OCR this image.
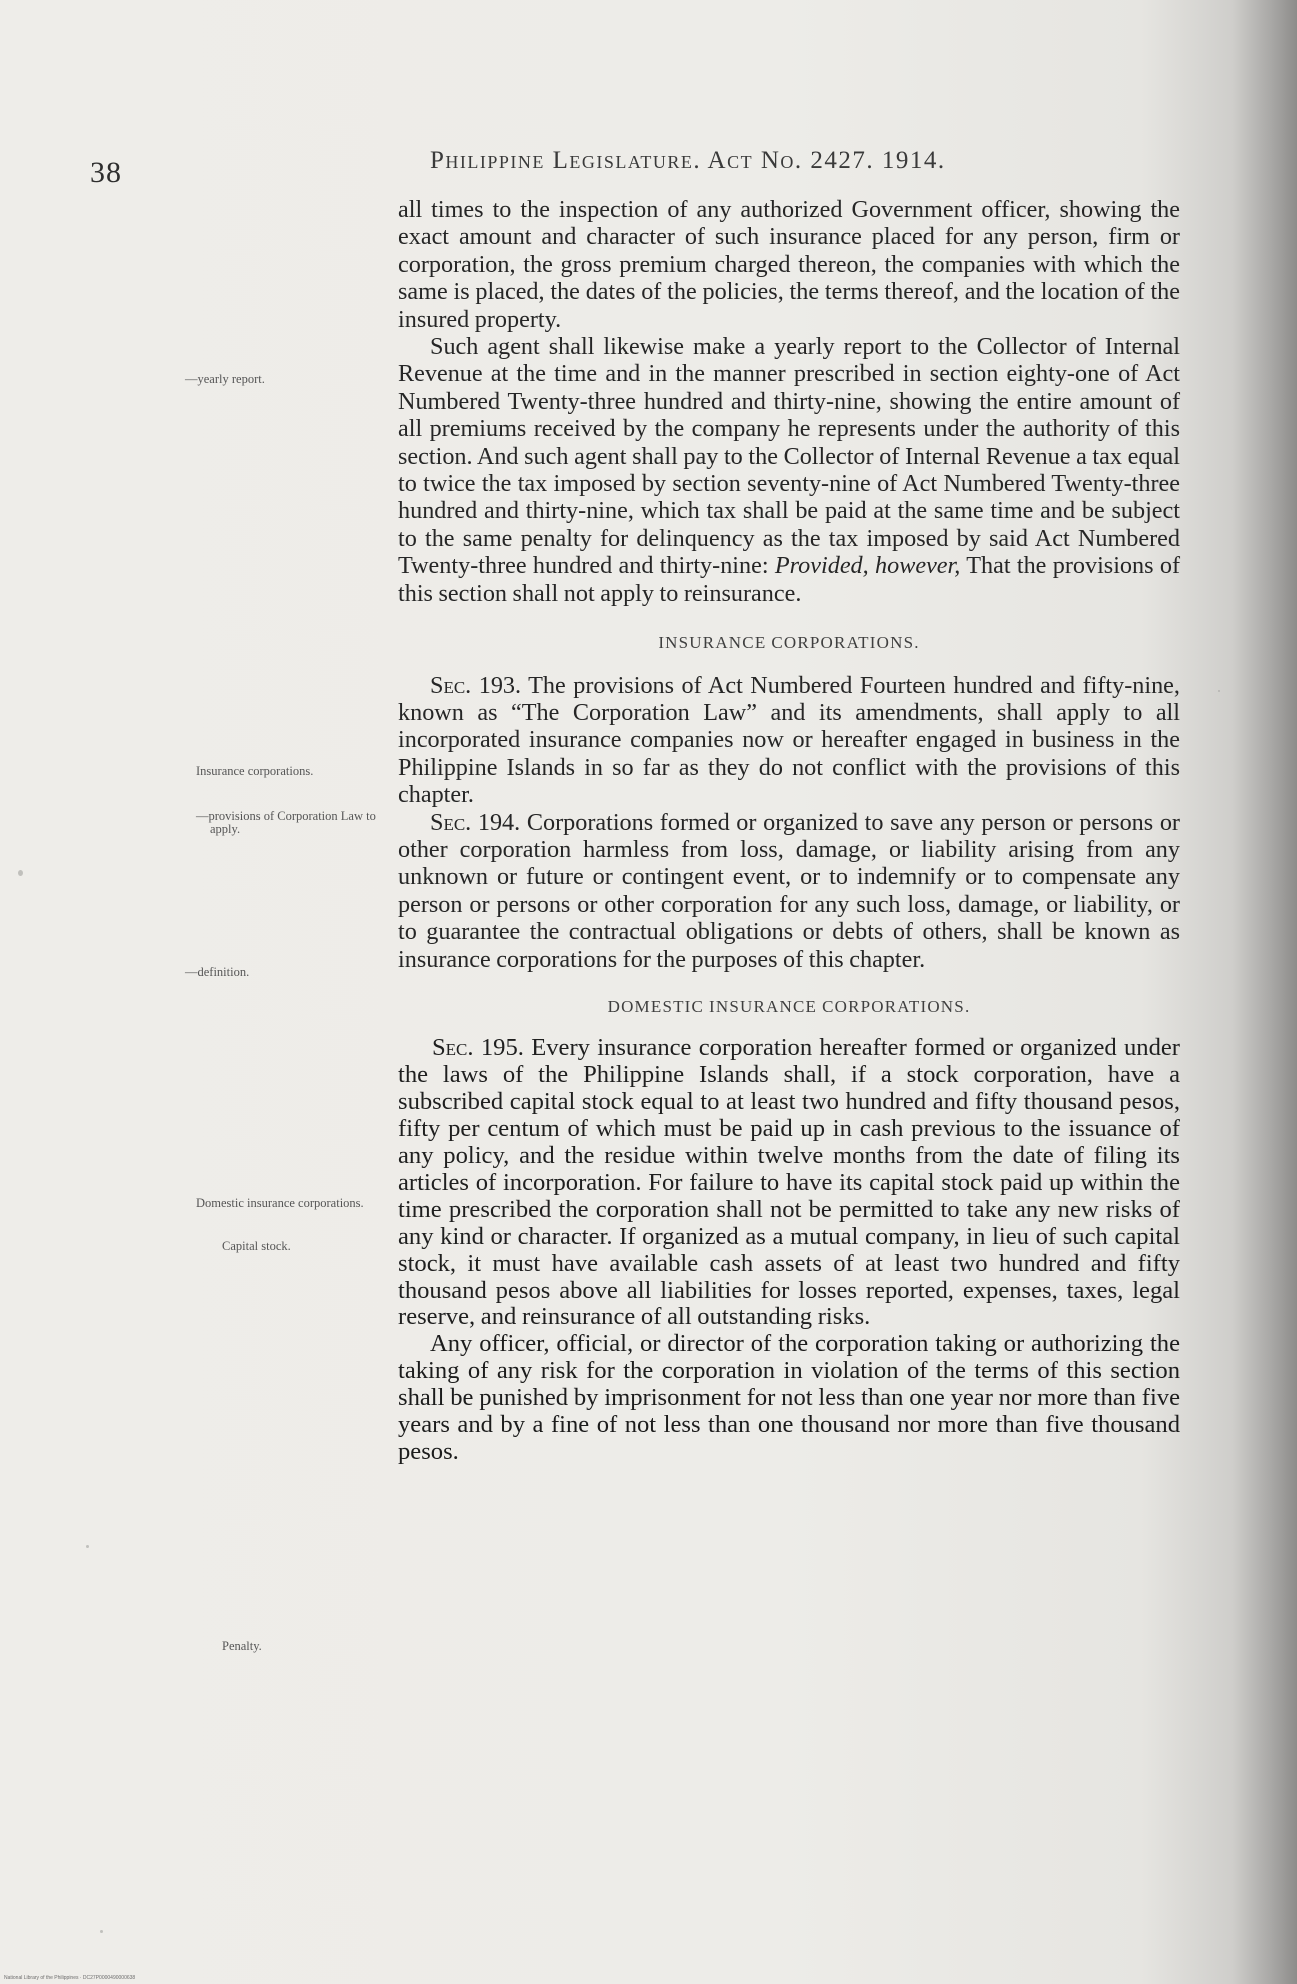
38	Philippine Legislature. Act No. 2427. 1914.
—yearly report.
Insurance corporations.
—provisions of Corporation Law to apply.
—definition.
Domestic insurance corporations.
Capital stock.
Penalty.

all times to the inspection of any authorized Government officer, showing the exact amount and character of such insurance placed for any person, firm or corporation, the gross premium charged thereon, the companies with which the same is placed, the dates of the policies, the terms thereof, and the location of the insured property.

Such agent shall likewise make a yearly report to the Collector of Internal Revenue at the time and in the manner prescribed in section eighty-one of Act Numbered Twenty-three hundred and thirty-nine, showing the entire amount of all premiums received by the company he represents under the authority of this section. And such agent shall pay to the Collector of Internal Revenue a tax equal to twice the tax imposed by section seventy-nine of Act Numbered Twenty-three hundred and thirty-nine, which tax shall be paid at the same time and be subject to the same penalty for delinquency as the tax imposed by said Act Numbered Twenty-three hundred and thirty-nine: Provided, however, That the provisions of this section shall not apply to reinsurance.

INSURANCE CORPORATIONS.

Sec. 193. The provisions of Act Numbered Fourteen hundred and fifty-nine, known as “The Corporation Law” and its amendments, shall apply to all incorporated insurance companies now or hereafter engaged in business in the Philippine Islands in so far as they do not conflict with the provisions of this chapter.

Sec. 194. Corporations formed or organized to save any person or persons or other corporation harmless from loss, damage, or liability arising from any unknown or future or contingent event, or to indemnify or to compensate any person or persons or other corporation for any such loss, damage, or liability, or to guarantee the contractual obligations or debts of others, shall be known as insurance corporations for the purposes of this chapter.

DOMESTIC INSURANCE CORPORATIONS.

Sec. 195. Every insurance corporation hereafter formed or organized under the laws of the Philippine Islands shall, if a stock corporation, have a subscribed capital stock equal to at least two hundred and fifty thousand pesos, fifty per centum of which must be paid up in cash previous to the issuance of any policy, and the residue within twelve months from the date of filing its articles of incorporation. For failure to have its capital stock paid up within the time prescribed the corporation shall not be permitted to take any new risks of any kind or character. If organized as a mutual company, in lieu of such capital stock, it must have available cash assets of at least two hundred and fifty thousand pesos above all liabilities for losses reported, expenses, taxes, legal reserve, and reinsurance of all outstanding risks.

Any officer, official, or director of the corporation taking or authorizing the taking of any risk for the corporation in violation of the terms of this section shall be punished by imprisonment for not less than one year nor more than five years and by a fine of not less than one thousand nor more than five thousand pesos.

National Library of the Philippines · DC27P0000490000638
